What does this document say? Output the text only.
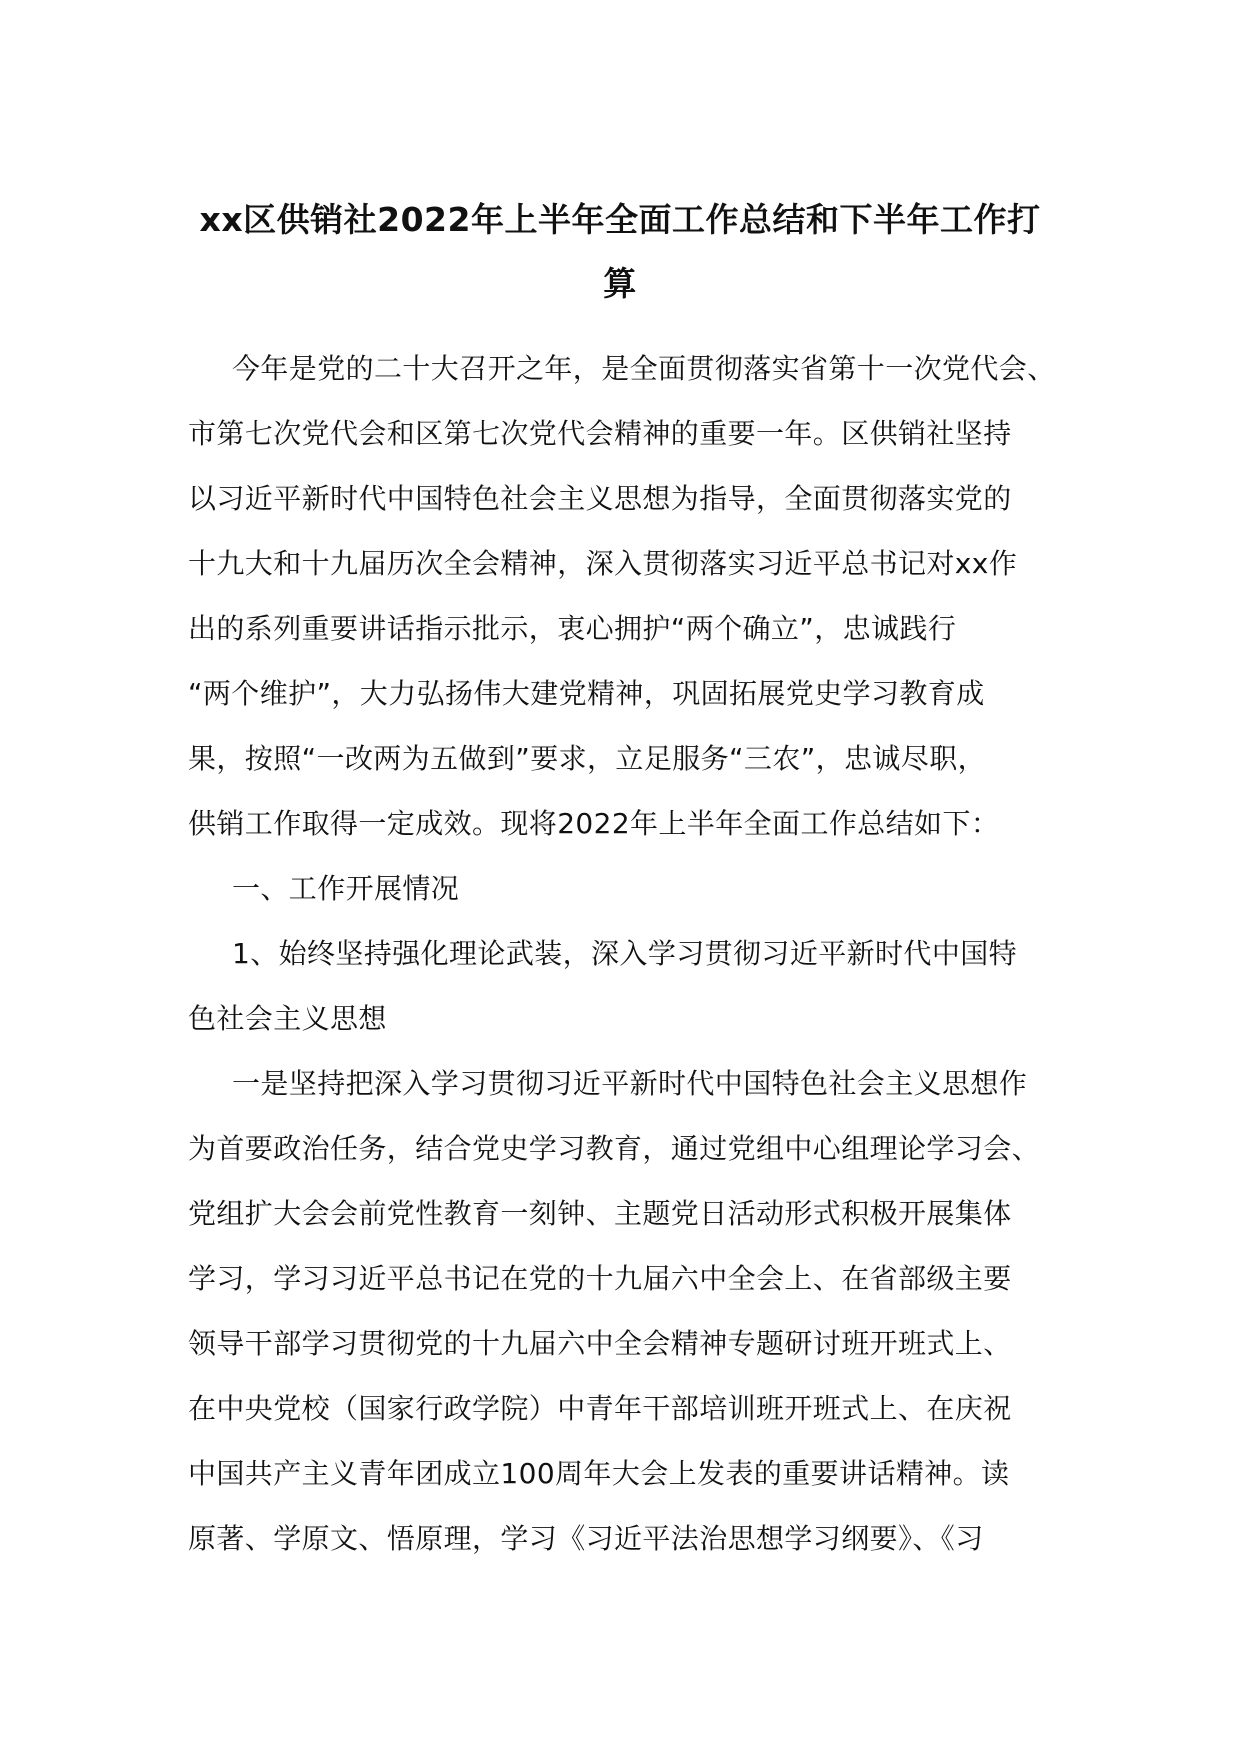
xx区供销社2022年上半年全面工作总结和下半年工作打
算
今年是党的二十大召开之年，是全面贯彻落实省第十一次党代会、
市第七次党代会和区第七次党代会精神的重要一年。区供销社坚持
以习近平新时代中国特色社会主义思想为指导，全面贯彻落实党的
十九大和十九届历次全会精神，深入贯彻落实习近平总书记对xx作
出的系列重要讲话指示批示，衷心拥护“两个确立”，忠诚践行
“两个维护”，大力弘扬伟大建党精神，巩固拓展党史学习教育成
果，按照“一改两为五做到”要求，立足服务“三农”，忠诚尽职，
供销工作取得一定成效。现将2022年上半年全面工作总结如下：
一、工作开展情况
1、始终坚持强化理论武装，深入学习贯彻习近平新时代中国特
色社会主义思想
一是坚持把深入学习贯彻习近平新时代中国特色社会主义思想作
为首要政治任务，结合党史学习教育，通过党组中心组理论学习会、
党组扩大会会前党性教育一刻钟、主题党日活动形式积极开展集体
学习，学习习近平总书记在党的十九届六中全会上、在省部级主要
领导干部学习贯彻党的十九届六中全会精神专题研讨班开班式上、
在中央党校（国家行政学院）中青年干部培训班开班式上、在庆祝
中国共产主义青年团成立100周年大会上发表的重要讲话精神。读
原著、学原文、悟原理，学习《习近平法治思想学习纲要》、《习
